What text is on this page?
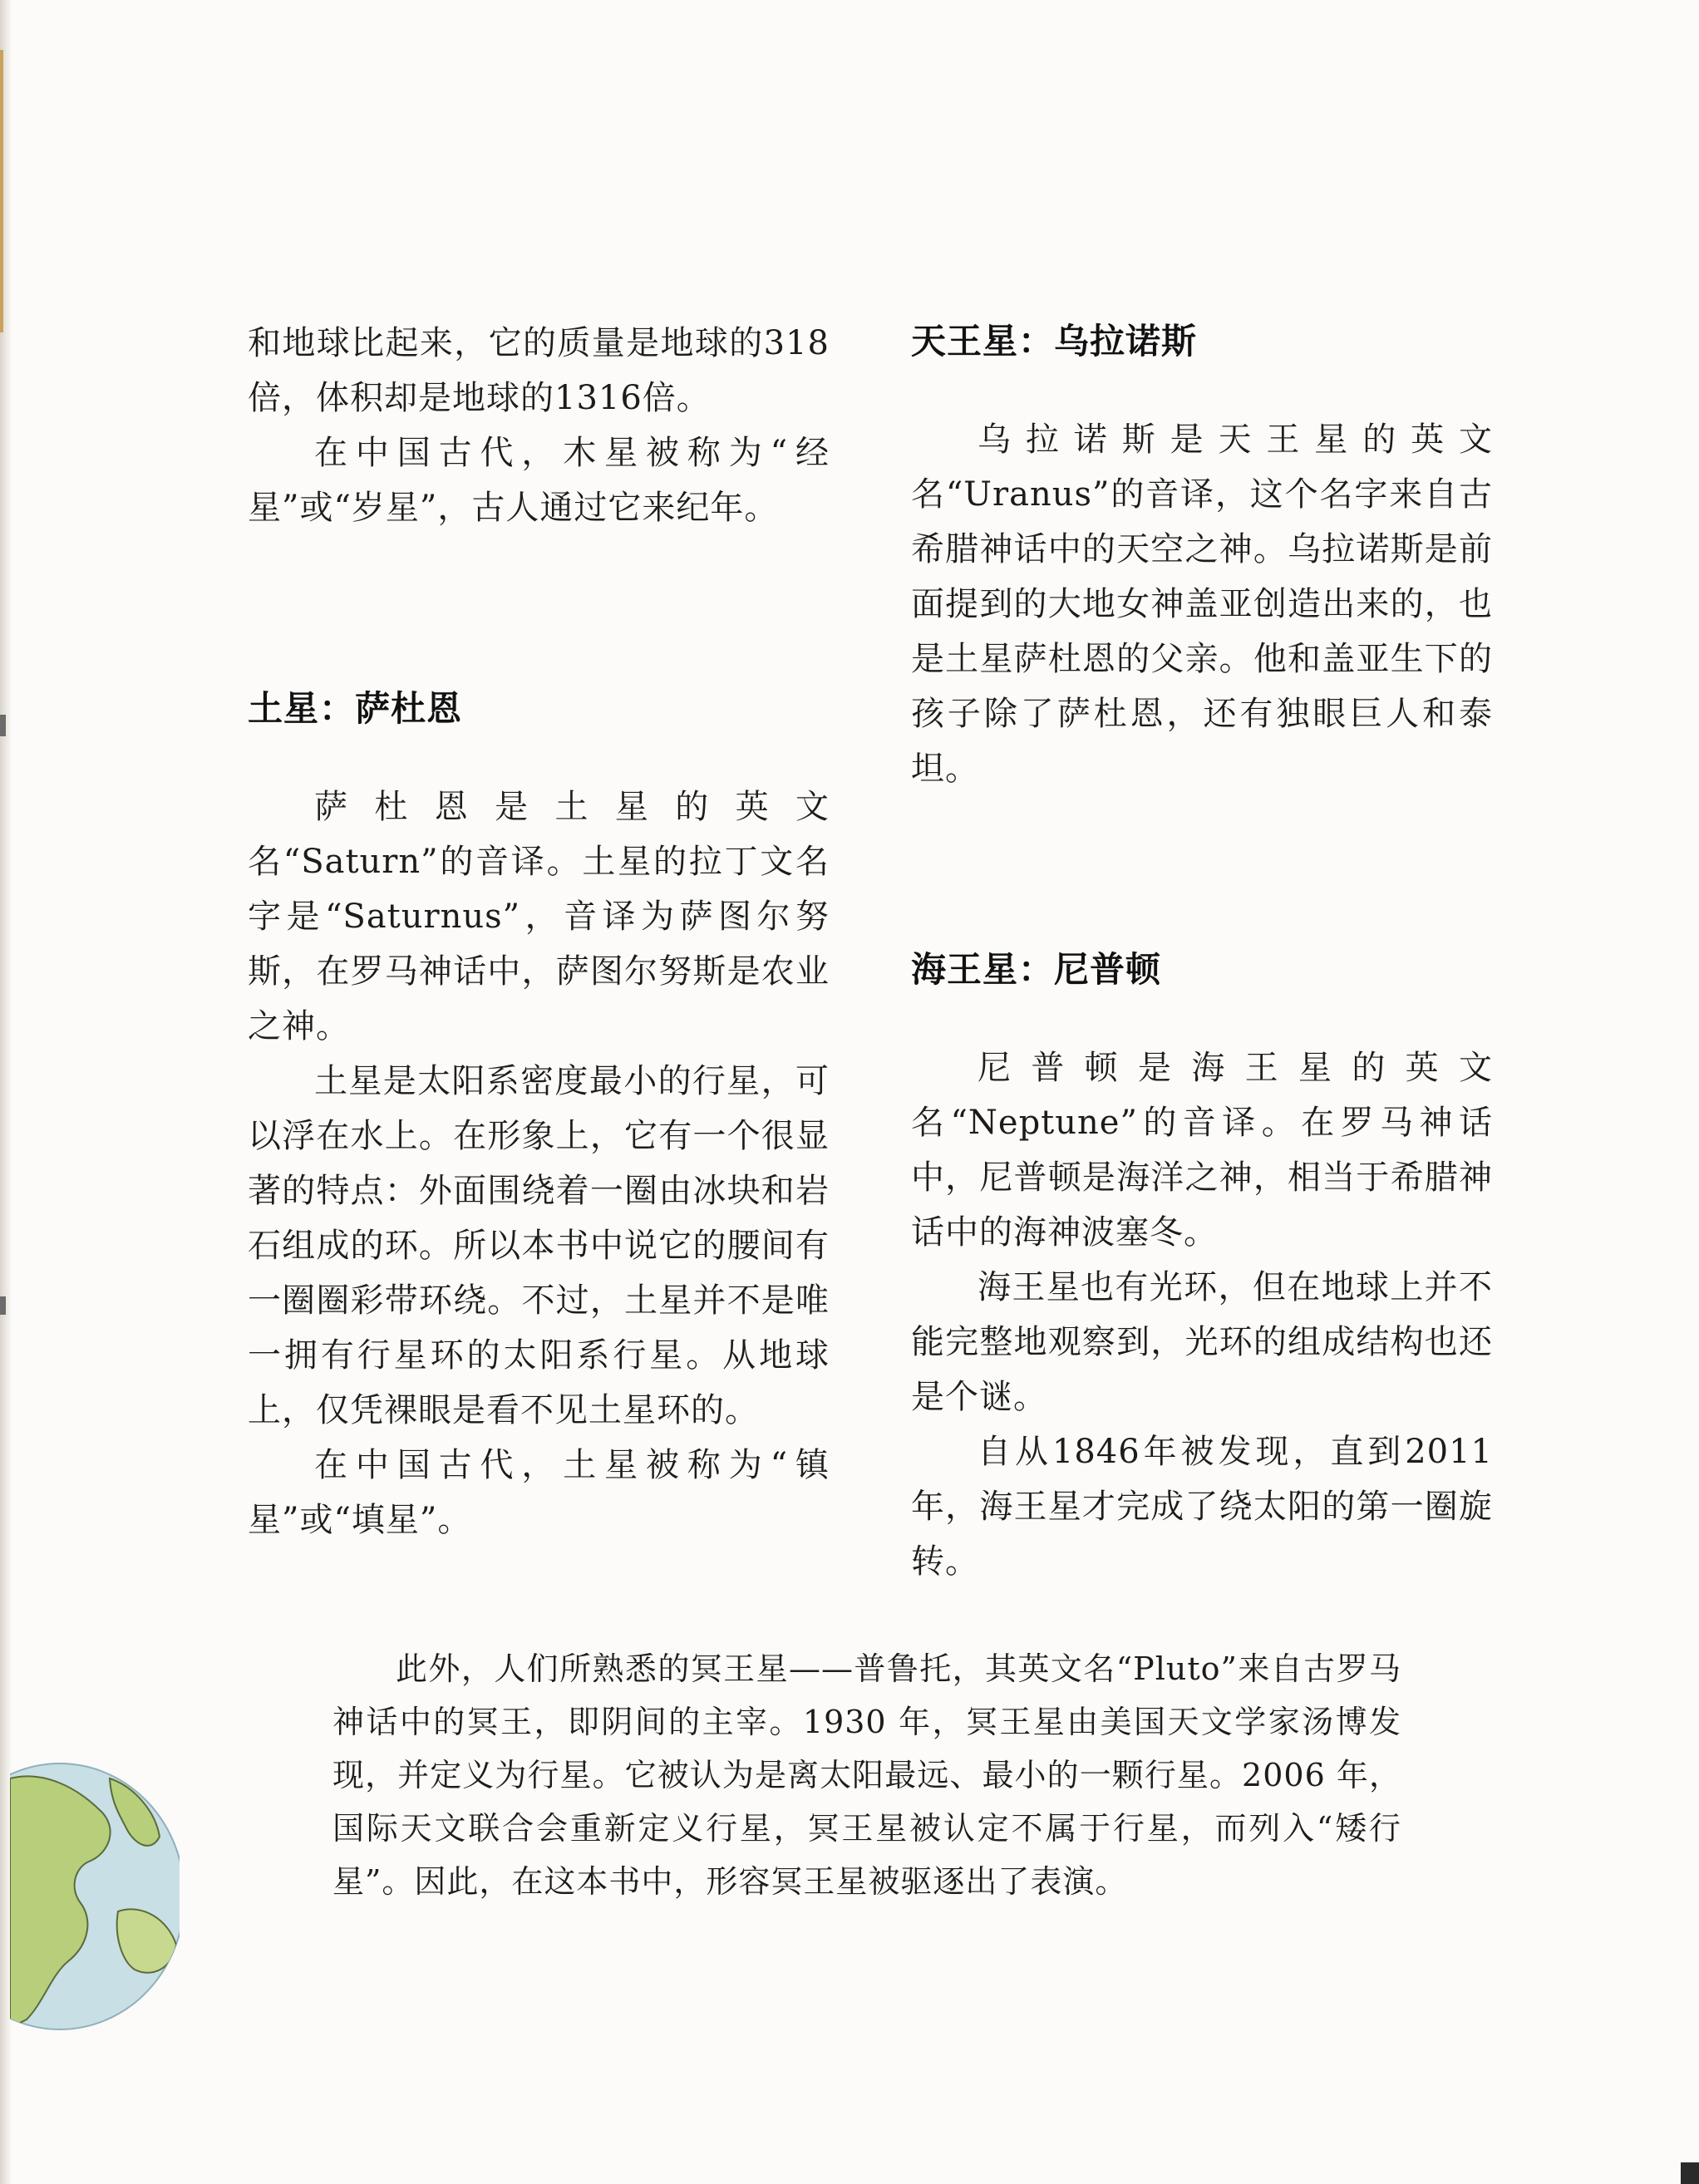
和地球比起来，它的质量是地球的318倍，体积却是地球的1316倍。

在中国古代，木星被称为“经星”或“岁星”，古人通过它来纪年。

土星：萨杜恩

萨杜恩是土星的英文名“Saturn”的音译。土星的拉丁文名字是“Saturnus”，音译为萨图尔努斯，在罗马神话中，萨图尔努斯是农业之神。

土星是太阳系密度最小的行星，可以浮在水上。在形象上，它有一个很显著的特点：外面围绕着一圈由冰块和岩石组成的环。所以本书中说它的腰间有一圈圈彩带环绕。不过，土星并不是唯一拥有行星环的太阳系行星。从地球上，仅凭裸眼是看不见土星环的。

在中国古代，土星被称为“镇星”或“填星”。

天王星：乌拉诺斯

乌拉诺斯是天王星的英文名“Uranus”的音译，这个名字来自古希腊神话中的天空之神。乌拉诺斯是前面提到的大地女神盖亚创造出来的，也是土星萨杜恩的父亲。他和盖亚生下的孩子除了萨杜恩，还有独眼巨人和泰坦。

海王星：尼普顿

尼普顿是海王星的英文名“Neptune”的音译。在罗马神话中，尼普顿是海洋之神，相当于希腊神话中的海神波塞冬。

海王星也有光环，但在地球上并不能完整地观察到，光环的组成结构也还是个谜。

自从1846年被发现，直到2011年，海王星才完成了绕太阳的第一圈旋转。

此外，人们所熟悉的冥王星——普鲁托，其英文名“Pluto”来自古罗马神话中的冥王，即阴间的主宰。1930 年，冥王星由美国天文学家汤博发现，并定义为行星。它被认为是离太阳最远、最小的一颗行星。2006 年，国际天文联合会重新定义行星，冥王星被认定不属于行星，而列入“矮行星”。因此，在这本书中，形容冥王星被驱逐出了表演。
